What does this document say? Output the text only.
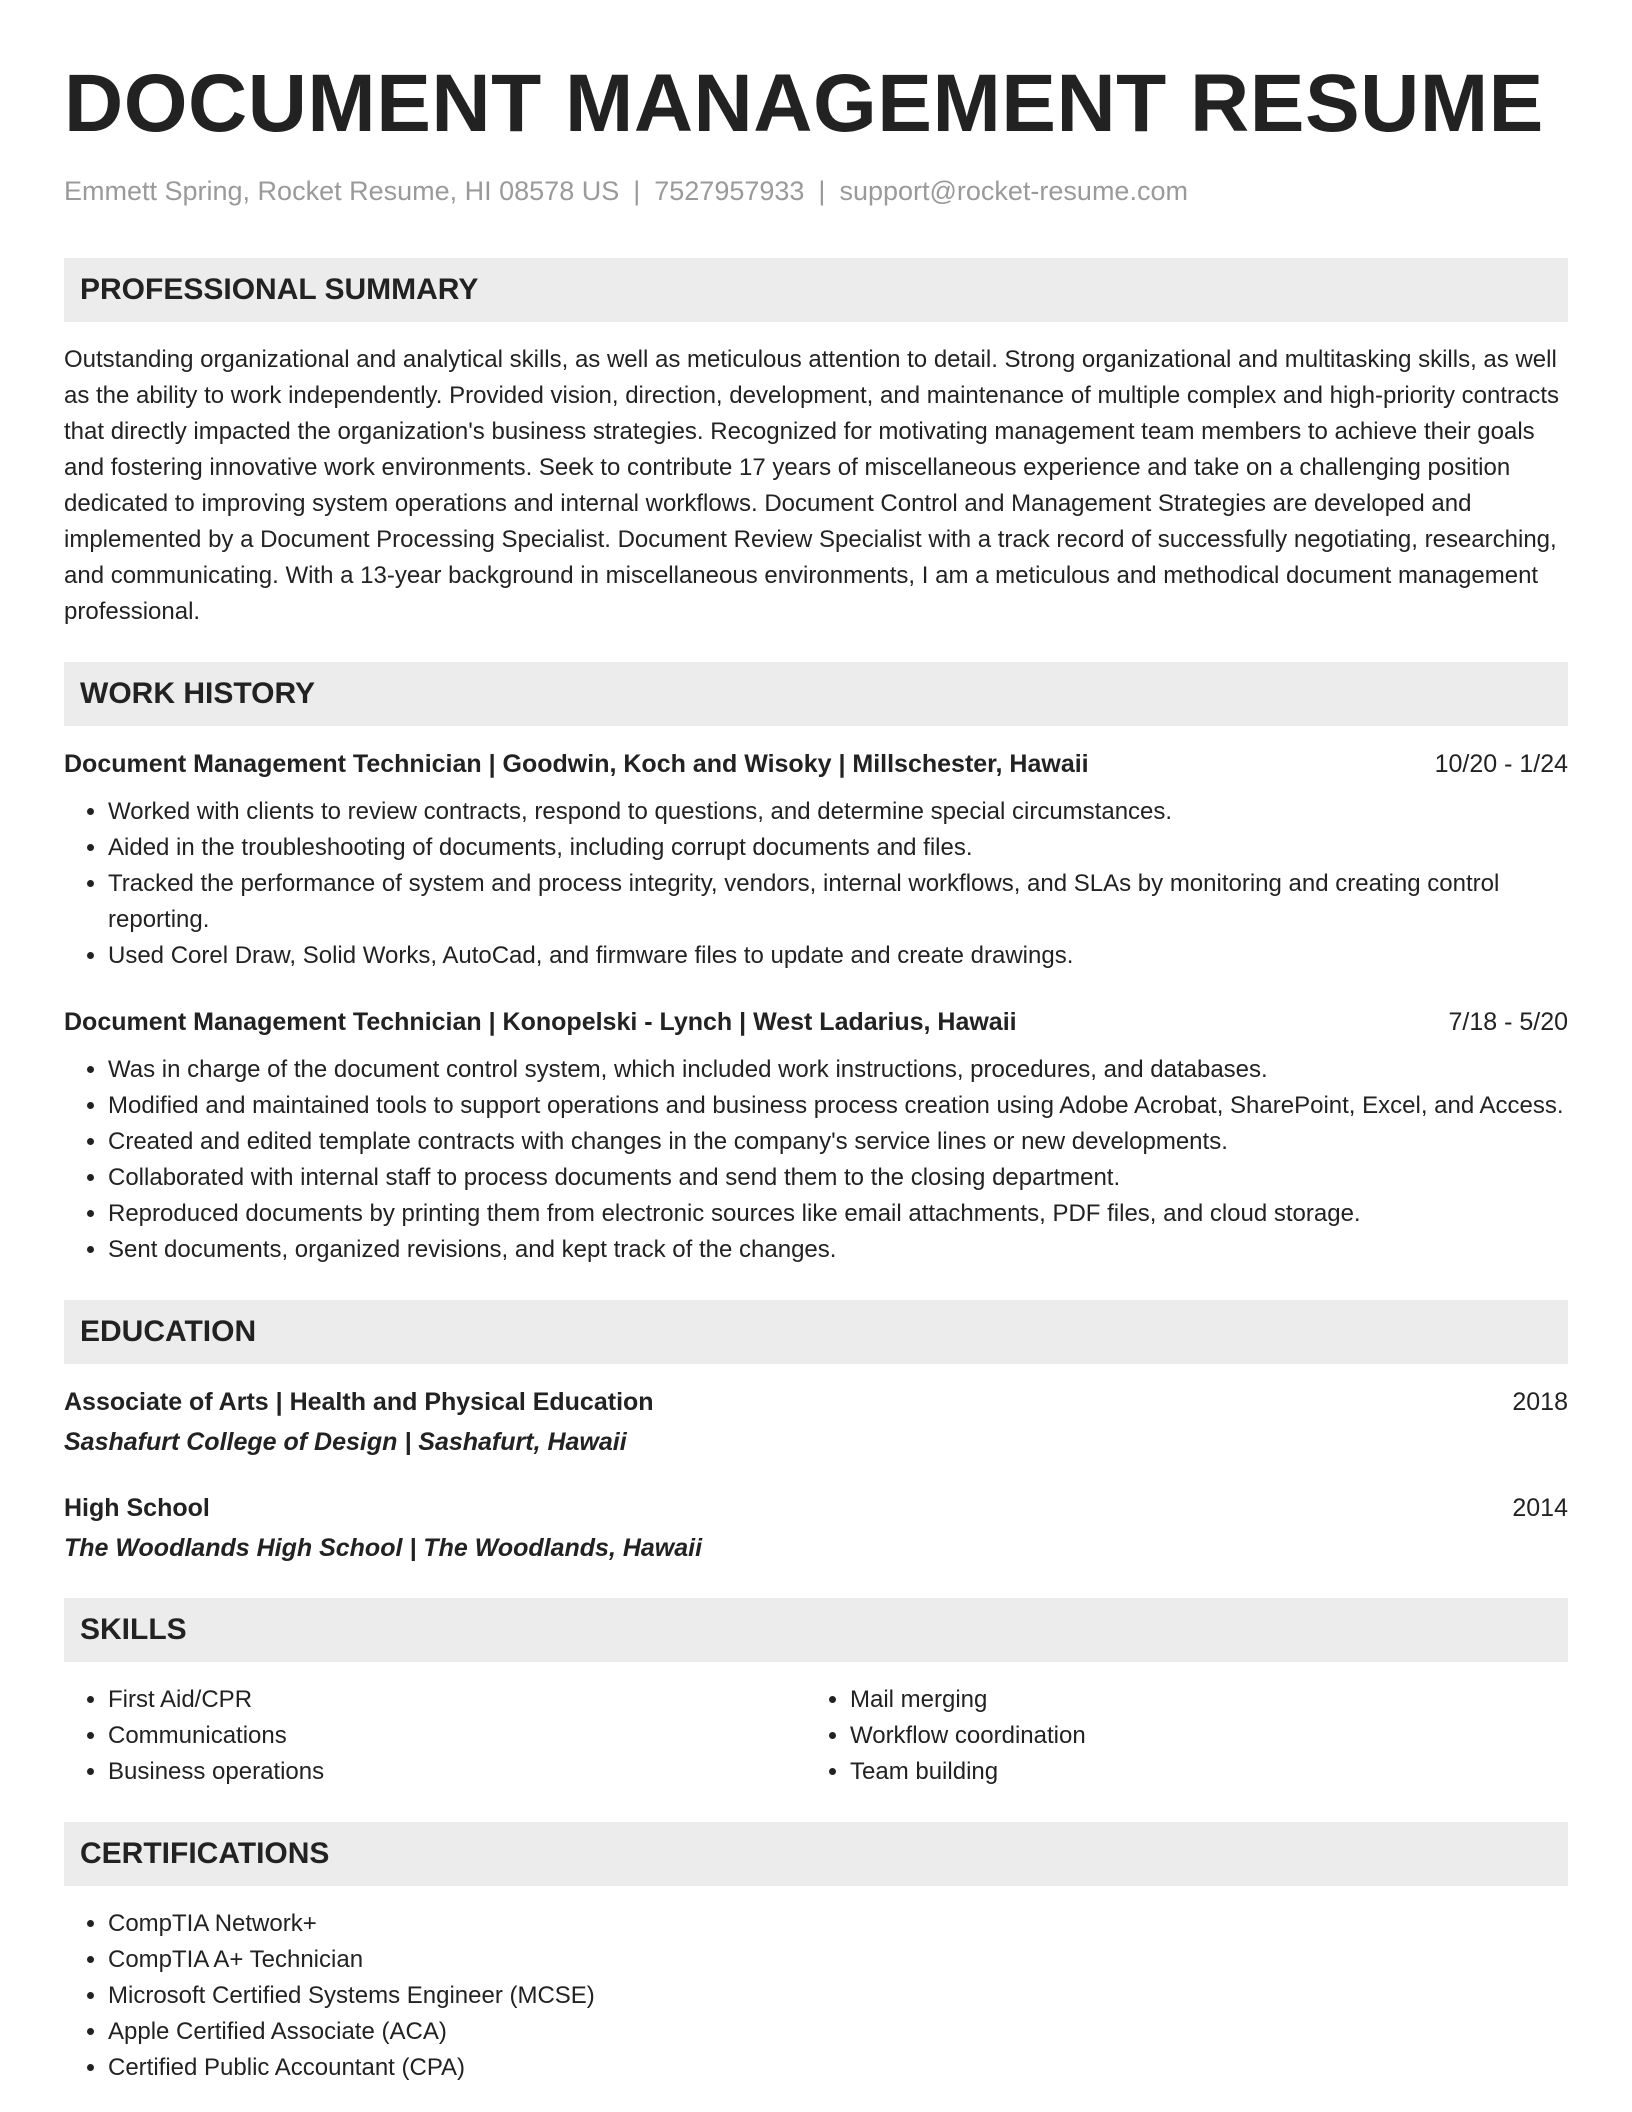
DOCUMENT MANAGEMENT RESUME
Emmett Spring, Rocket Resume, HI 08578 US | 7527957933 | support@rocket-resume.com
PROFESSIONAL SUMMARY

Outstanding organizational and analytical skills, as well as meticulous attention to detail. Strong organizational and multitasking skills, as well as the ability to work independently. Provided vision, direction, development, and maintenance of multiple complex and high-priority contracts that directly impacted the organization's business strategies. Recognized for motivating management team members to achieve their goals and fostering innovative work environments. Seek to contribute 17 years of miscellaneous experience and take on a challenging position dedicated to improving system operations and internal workflows. Document Control and Management Strategies are developed and implemented by a Document Processing Specialist. Document Review Specialist with a track record of successfully negotiating, researching, and communicating. With a 13-year background in miscellaneous environments, I am a meticulous and methodical document management professional.

WORK HISTORY
Document Management Technician | Goodwin, Koch and Wisoky | Millschester, Hawaii	10/20 - 1/24
• Worked with clients to review contracts, respond to questions, and determine special circumstances.
• Aided in the troubleshooting of documents, including corrupt documents and files.
• Tracked the performance of system and process integrity, vendors, internal workflows, and SLAs by monitoring and creating control reporting.
• Used Corel Draw, Solid Works, AutoCad, and firmware files to update and create drawings.
Document Management Technician | Konopelski - Lynch | West Ladarius, Hawaii	7/18 - 5/20
• Was in charge of the document control system, which included work instructions, procedures, and databases.
• Modified and maintained tools to support operations and business process creation using Adobe Acrobat, SharePoint, Excel, and Access.
• Created and edited template contracts with changes in the company's service lines or new developments.
• Collaborated with internal staff to process documents and send them to the closing department.
• Reproduced documents by printing them from electronic sources like email attachments, PDF files, and cloud storage.
• Sent documents, organized revisions, and kept track of the changes.
EDUCATION
Associate of Arts | Health and Physical Education	2018
Sashafurt College of Design | Sashafurt, Hawaii
High School	2014
The Woodlands High School | The Woodlands, Hawaii
SKILLS
• First Aid/CPR
• Communications
• Business operations
• Mail merging
• Workflow coordination
• Team building
CERTIFICATIONS
• CompTIA Network+
• CompTIA A+ Technician
• Microsoft Certified Systems Engineer (MCSE)
• Apple Certified Associate (ACA)
• Certified Public Accountant (CPA)
